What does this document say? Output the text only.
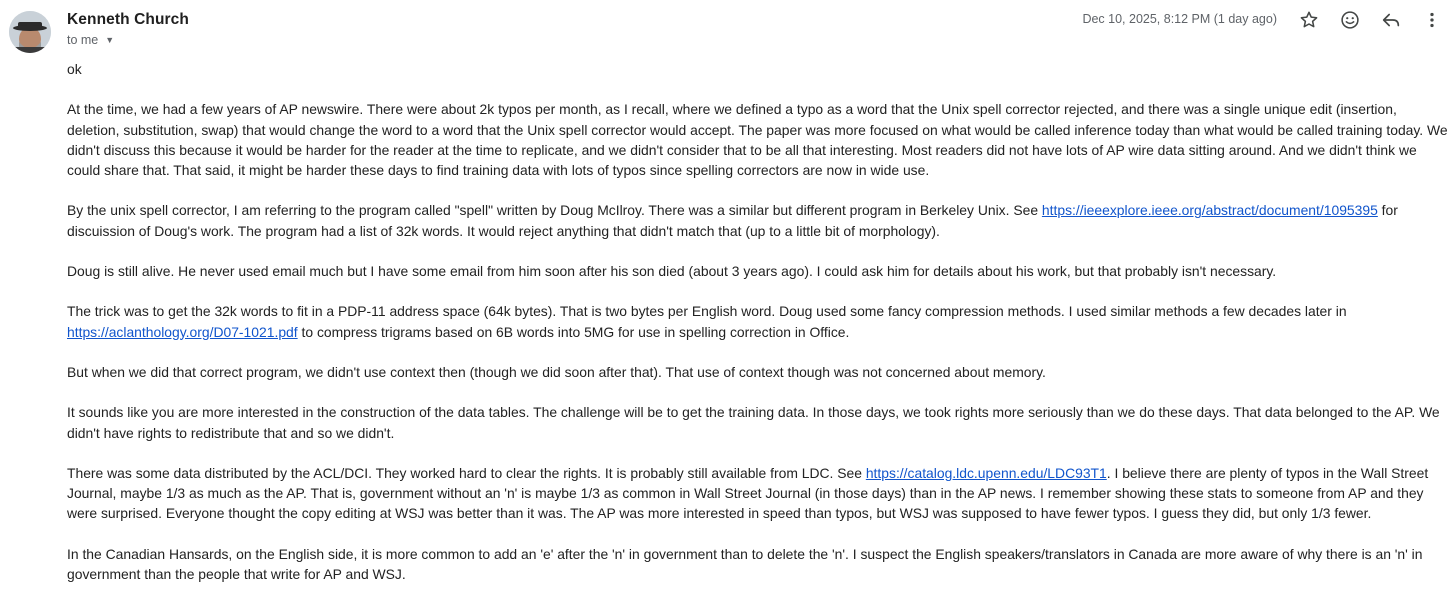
Kenneth Church
to me ▼
Dec 10, 2025, 8:12 PM (1 day ago)

ok

At the time, we had a few years of AP newswire. There were about 2k typos per month, as I recall, where we defined a typo as a word that the Unix spell corrector rejected, and there was a single unique edit (insertion, deletion, substitution, swap) that would change the word to a word that the Unix spell corrector would accept. The paper was more focused on what would be called inference today than what would be called training today. We didn't discuss this because it would be harder for the reader at the time to replicate, and we didn't consider that to be all that interesting. Most readers did not have lots of AP wire data sitting around. And we didn't think we could share that. That said, it might be harder these days to find training data with lots of typos since spelling correctors are now in wide use.

By the unix spell corrector, I am referring to the program called "spell" written by Doug McIlroy. There was a similar but different program in Berkeley Unix. See https://ieeexplore.ieee.org/abstract/document/1095395 for discuission of Doug's work. The program had a list of 32k words. It would reject anything that didn't match that (up to a little bit of morphology).

Doug is still alive. He never used email much but I have some email from him soon after his son died (about 3 years ago). I could ask him for details about his work, but that probably isn't necessary.

The trick was to get the 32k words to fit in a PDP-11 address space (64k bytes). That is two bytes per English word. Doug used some fancy compression methods. I used similar methods a few decades later in https://aclanthology.org/D07-1021.pdf to compress trigrams based on 6B words into 5MG for use in spelling correction in Office.

But when we did that correct program, we didn't use context then (though we did soon after that). That use of context though was not concerned about memory.

It sounds like you are more interested in the construction of the data tables. The challenge will be to get the training data. In those days, we took rights more seriously than we do these days. That data belonged to the AP. We didn't have rights to redistribute that and so we didn't.

There was some data distributed by the ACL/DCI. They worked hard to clear the rights. It is probably still available from LDC. See https://catalog.ldc.upenn.edu/LDC93T1. I believe there are plenty of typos in the Wall Street Journal, maybe 1/3 as much as the AP. That is, government without an 'n' is maybe 1/3 as common in Wall Street Journal (in those days) than in the AP news. I remember showing these stats to someone from AP and they were surprised. Everyone thought the copy editing at WSJ was better than it was. The AP was more interested in speed than typos, but WSJ was supposed to have fewer typos. I guess they did, but only 1/3 fewer.

In the Canadian Hansards, on the English side, it is more common to add an 'e' after the 'n' in government than to delete the 'n'. I suspect the English speakers/translators in Canada are more aware of why there is an 'n' in government than the people that write for AP and WSJ.
